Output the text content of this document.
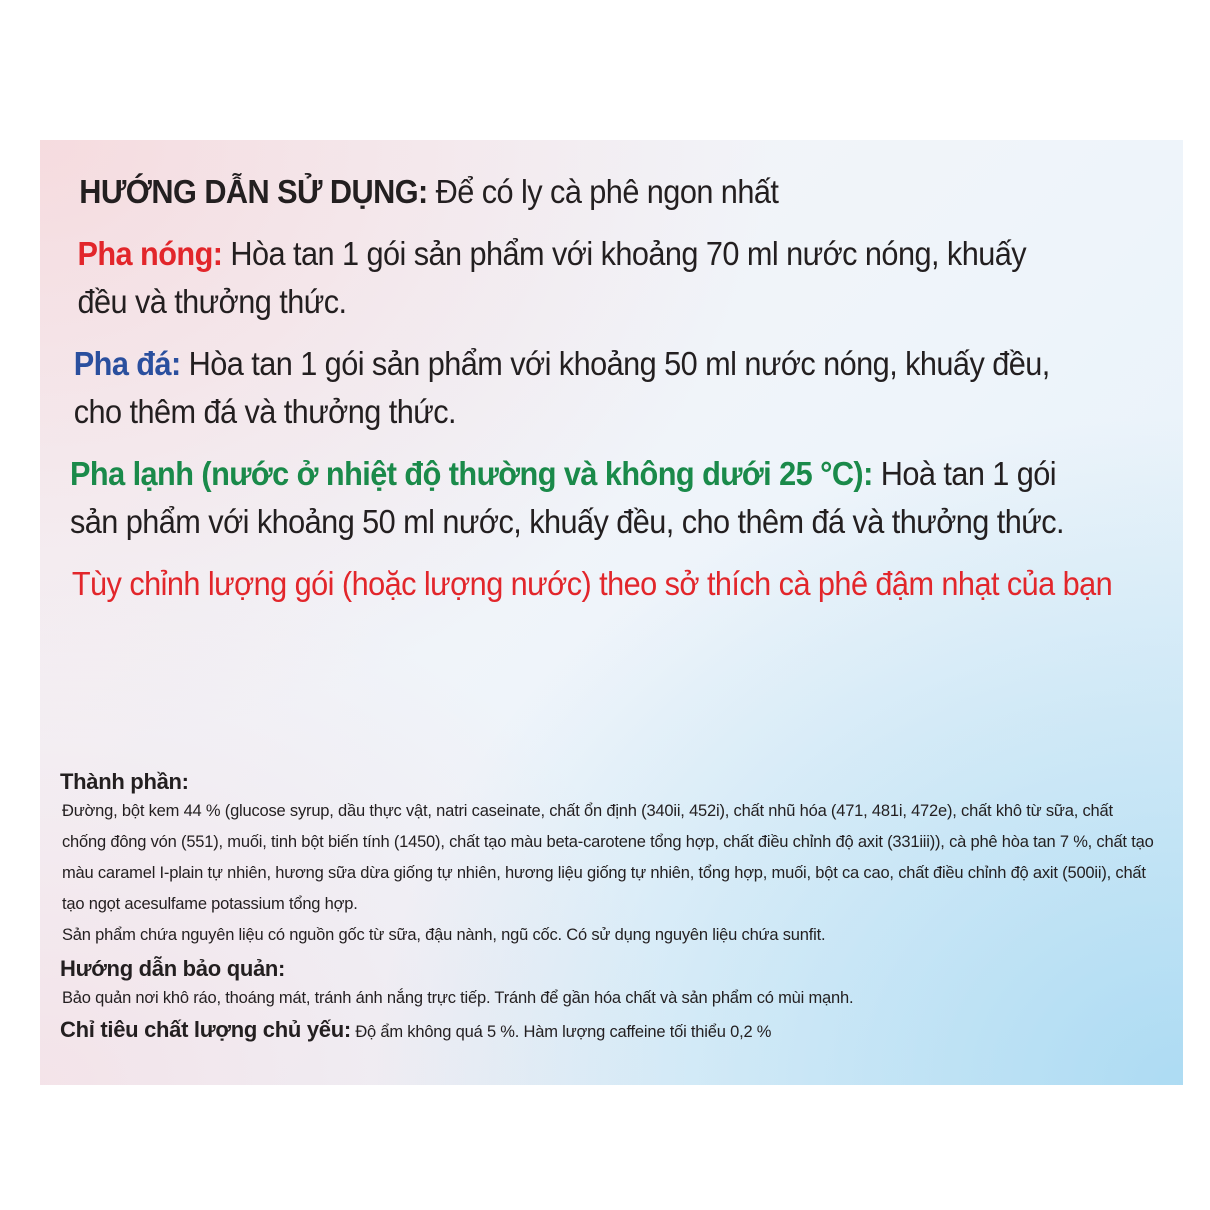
HƯỚNG DẪN SỬ DỤNG: Để có ly cà phê ngon nhất
Pha nóng: Hòa tan 1 gói sản phẩm với khoảng 70 ml nước nóng, khuấy đều và thưởng thức.
Pha đá: Hòa tan 1 gói sản phẩm với khoảng 50 ml nước nóng, khuấy đều, cho thêm đá và thưởng thức.
Pha lạnh (nước ở nhiệt độ thường và không dưới 25 °C): Hoà tan 1 gói sản phẩm với khoảng 50 ml nước, khuấy đều, cho thêm đá và thưởng thức.
Tùy chỉnh lượng gói (hoặc lượng nước) theo sở thích cà phê đậm nhạt của bạn
Thành phần:
Đường, bột kem 44 % (glucose syrup, dầu thực vật, natri caseinate, chất ổn định (340ii, 452i), chất nhũ hóa (471, 481i, 472e), chất khô từ sữa, chất chống đông vón (551), muối, tinh bột biến tính (1450), chất tạo màu beta-carotene tổng hợp, chất điều chỉnh độ axit (331iii)), cà phê hòa tan 7 %, chất tạo màu caramel I-plain tự nhiên, hương sữa dừa giống tự nhiên, hương liệu giống tự nhiên, tổng hợp, muối, bột ca cao, chất điều chỉnh độ axit (500ii), chất tạo ngọt acesulfame potassium tổng hợp.
Sản phẩm chứa nguyên liệu có nguồn gốc từ sữa, đậu nành, ngũ cốc. Có sử dụng nguyên liệu chứa sunfit.
Hướng dẫn bảo quản:
Bảo quản nơi khô ráo, thoáng mát, tránh ánh nắng trực tiếp. Tránh để gần hóa chất và sản phẩm có mùi mạnh.
Chỉ tiêu chất lượng chủ yếu: Độ ẩm không quá 5 %. Hàm lượng caffeine tối thiểu 0,2 %
